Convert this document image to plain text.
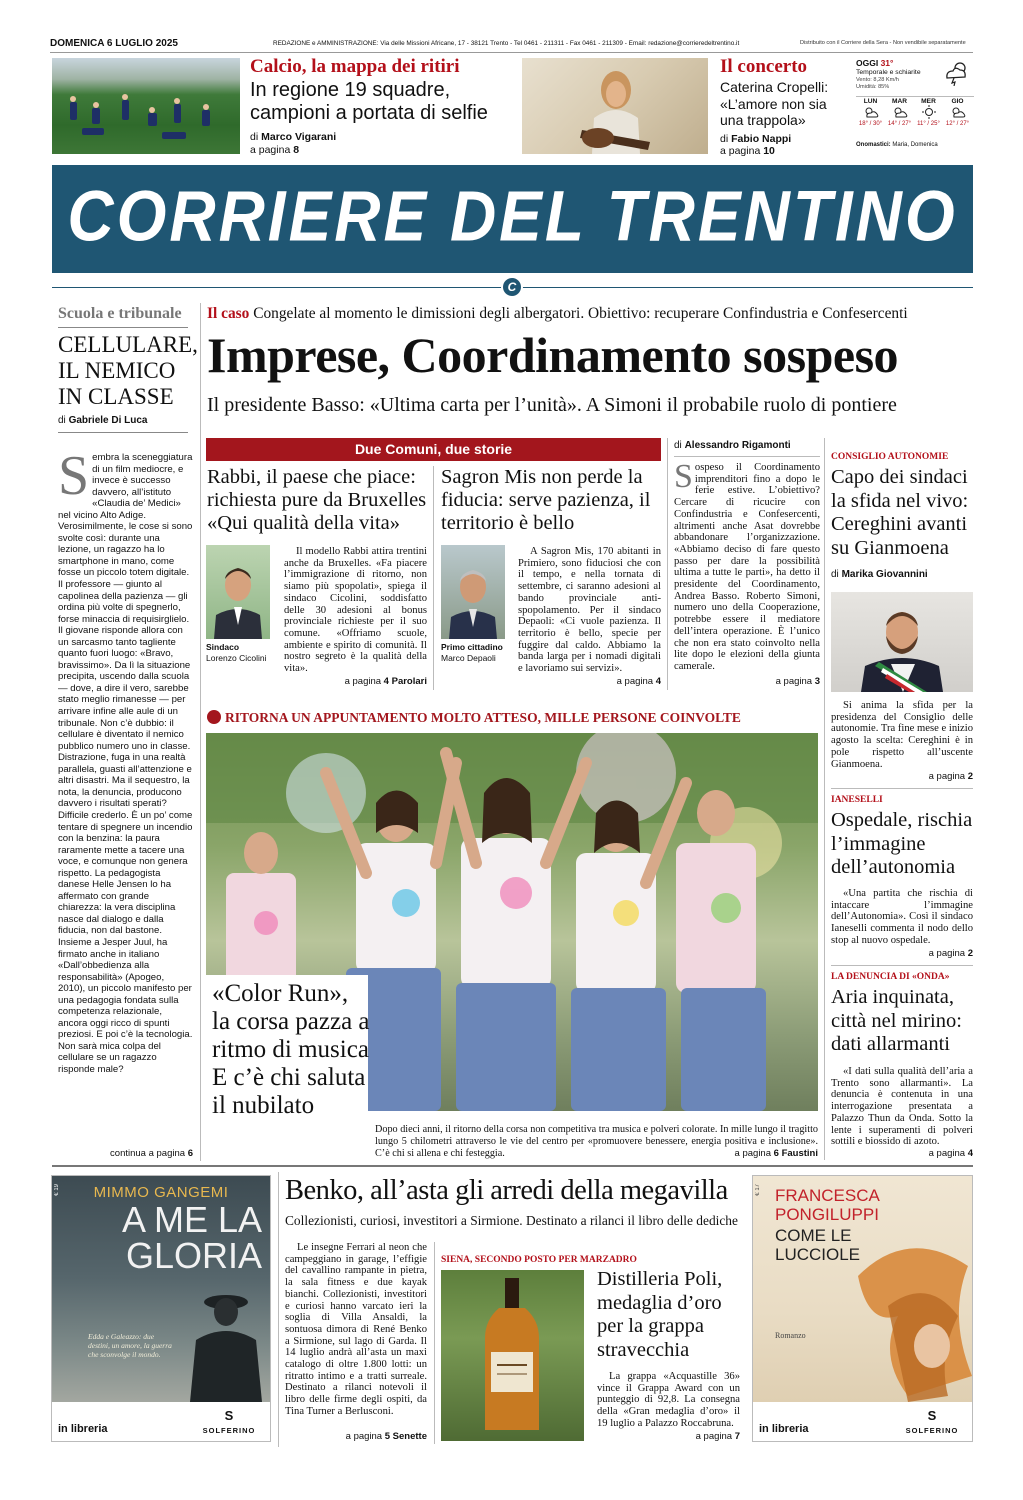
DOMENICA 6 LUGLIO 2025	REDAZIONE e AMMINISTRAZIONE: Via delle Missioni Africane, 17 - 38121 Trento - Tel 0461 - 211311 - Fax 0461 - 211309 - Email: redazione@corrieredeltrentino.it	Distribuito con il Corriere della Sera - Non vendibile separatamente
Calcio, la mappa dei ritiri
In regione 19 squadre, campioni a portata di selfie
di Marco Vigarani
a pagina 8
Il concerto
Caterina Cropelli: «L’amore non sia una trappola»
di Fabio Nappi
a pagina 10
OGGI 31°
Temporale e schiarite
Vento: 8,28 Km/h
Umidità: 85%
LUN
18° / 30°
MAR
14° / 27°
MER
11° / 25°
GIO
12° / 27°
Onomastici: Maria, Domenica
CORRIERE DEL TRENTINO
C
Scuola e tribunale
CELLULARE, IL NEMICO IN CLASSE
di Gabriele Di Luca
S embra la sceneggiatura di un film mediocre, e invece è successo davvero, all’istituto «Claudia de’ Medici» nel vicino Alto Adige. Verosimilmente, le cose si sono svolte così: durante una lezione, un ragazzo ha lo smartphone in mano, come fosse un piccolo totem digitale. Il professore — giunto al capolinea della pazienza — gli ordina più volte di spegnerlo, forse minaccia di requisirglielo. Il giovane risponde allora con un sarcasmo tanto tagliente quanto fuori luogo: «Bravo, bravissimo». Da lì la situazione precipita, uscendo dalla scuola — dove, a dire il vero, sarebbe stato meglio rimanesse — per arrivare infine alle aule di un tribunale. Non c’è dubbio: il cellulare è diventato il nemico pubblico numero uno in classe. Distrazione, fuga in una realtà parallela, guasti all’attenzione e altri disastri. Ma il sequestro, la nota, la denuncia, producono davvero i risultati sperati? Difficile crederlo. È un po’ come tentare di spegnere un incendio con la benzina: la paura raramente mette a tacere una voce, e comunque non genera rispetto. La pedagogista danese Helle Jensen lo ha affermato con grande chiarezza: la vera disciplina nasce dal dialogo e dalla fiducia, non dal bastone. Insieme a Jesper Juul, ha firmato anche in italiano «Dall’obbedienza alla responsabilità» (Apogeo, 2010), un piccolo manifesto per una pedagogia fondata sulla competenza relazionale, ancora oggi ricco di spunti preziosi. E poi c’è la tecnologia. Non sarà mica colpa del cellulare se un ragazzo risponde male?

continua a pagina 6
Il caso Congelate al momento le dimissioni degli albergatori. Obiettivo: recuperare Confindustria e Confesercenti
Imprese, Coordinamento sospeso
Il presidente Basso: «Ultima carta per l’unità». A Simoni il probabile ruolo di pontiere
Due Comuni, due storie
Rabbi, il paese che piace: richiesta pure da Bruxelles «Qui qualità della vita»
Sindaco
Lorenzo Cicolini

Il modello Rabbi attira trentini anche da Bruxelles. «Fa piacere l’immigrazione di ritorno, non siamo più spopolati», spiega il sindaco Cicolini, soddisfatto delle 30 adesioni al bonus provinciale richieste per il suo comune. «Offriamo scuole, ambiente e spirito di comunità. Il nostro segreto è la qualità della vita».

a pagina 4 Parolari
Sagron Mis non perde la fiducia: serve pazienza, il territorio è bello
Primo cittadino
Marco Depaoli

A Sagron Mis, 170 abitanti in Primiero, sono fiduciosi che con il tempo, e nella tornata di settembre, ci saranno adesioni al bando provinciale anti-spopolamento. Per il sindaco Depaoli: «Ci vuole pazienza. Il territorio è bello, specie per fuggire dal caldo. Abbiamo la banda larga per i nomadi digitali e lavoriamo sui servizi».

a pagina 4
di Alessandro Rigamonti
S ospeso il Coordinamento imprenditori fino a dopo le ferie estive. L’obiettivo? Cercare di ricucire con Confindustria e Confesercenti, altrimenti anche Asat dovrebbe abbandonare l’organizzazione. «Abbiamo deciso di fare questo passo per dare la possibilità ultima a tutte le parti», ha detto il presidente del Coordinamento, Andrea Basso. Roberto Simoni, numero uno della Cooperazione, potrebbe essere il mediatore dell’intera operazione. È l’unico che non era stato coinvolto nella lite dopo le elezioni della giunta camerale.

a pagina 3
RITORNA UN APPUNTAMENTO MOLTO ATTESO, MILLE PERSONE COINVOLTE
«Color Run», la corsa pazza a ritmo di musica E c’è chi saluta il nubilato

Dopo dieci anni, il ritorno della corsa non competitiva tra musica e polveri colorate. In mille lungo il tragitto lungo 5 chilometri attraverso le vie del centro per «promuovere benessere, energia positiva e inclusione». C’è chi si allena e chi festeggia.	a pagina 6 Faustini
CONSIGLIO AUTONOMIE
Capo dei sindaci la sfida nel vivo: Cereghini avanti su Gianmoena
di Marika Giovannini

Si anima la sfida per la presidenza del Consiglio delle autonomie. Tra fine mese e inizio agosto la scelta: Cereghini è in pole rispetto all’uscente Gianmoena.

a pagina 2
IANESELLI
Ospedale, rischia l’immagine dell’autonomia

«Una partita che rischia di intaccare l’immagine dell’Autonomia». Così il sindaco Ianeselli commenta il nodo dello stop al nuovo ospedale.

a pagina 2
LA DENUNCIA DI «ONDA»
Aria inquinata, città nel mirino: dati allarmanti

«I dati sulla qualità dell’aria a Trento sono allarmanti». La denuncia è contenuta in una interrogazione presentata a Palazzo Thun da Onda. Sotto la lente i superamenti di polveri sottili e biossido di azoto.

a pagina 4
MIMMO GANGEMI
A ME LA GLORIA
Edda e Galeazzo: due destini, un amore, la guerra che sconvolge il mondo.
€ 19
in libreria
S
SOLFERINO
Benko, all’asta gli arredi della megavilla
Collezionisti, curiosi, investitori a Sirmione. Destinato a rilanci il libro delle dediche

Le insegne Ferrari al neon che campeggiano in garage, l’effigie del cavallino rampante in pietra, la sala fitness e due kayak bianchi. Collezionisti, investitori e curiosi hanno varcato ieri la soglia di Villa Ansaldi, la sontuosa dimora di René Benko a Sirmione, sul lago di Garda. Il 14 luglio andrà all’asta un maxi catalogo di oltre 1.800 lotti: un ritratto intimo e a tratti surreale. Destinato a rilanci notevoli il libro delle firme degli ospiti, da Tina Turner a Berlusconi.

a pagina 5 Senette
SIENA, SECONDO POSTO PER MARZADRO
Distilleria Poli, medaglia d’oro per la grappa stravecchia

La grappa «Acquastille 36» vince il Grappa Award con un punteggio di 92,8. La consegna della «Gran medaglia d’oro» il 19 luglio a Palazzo Roccabruna.

a pagina 7
FRANCESCA PONGILUPPI
COME LE LUCCIOLE
Romanzo
€ 17
in libreria
S
SOLFERINO
